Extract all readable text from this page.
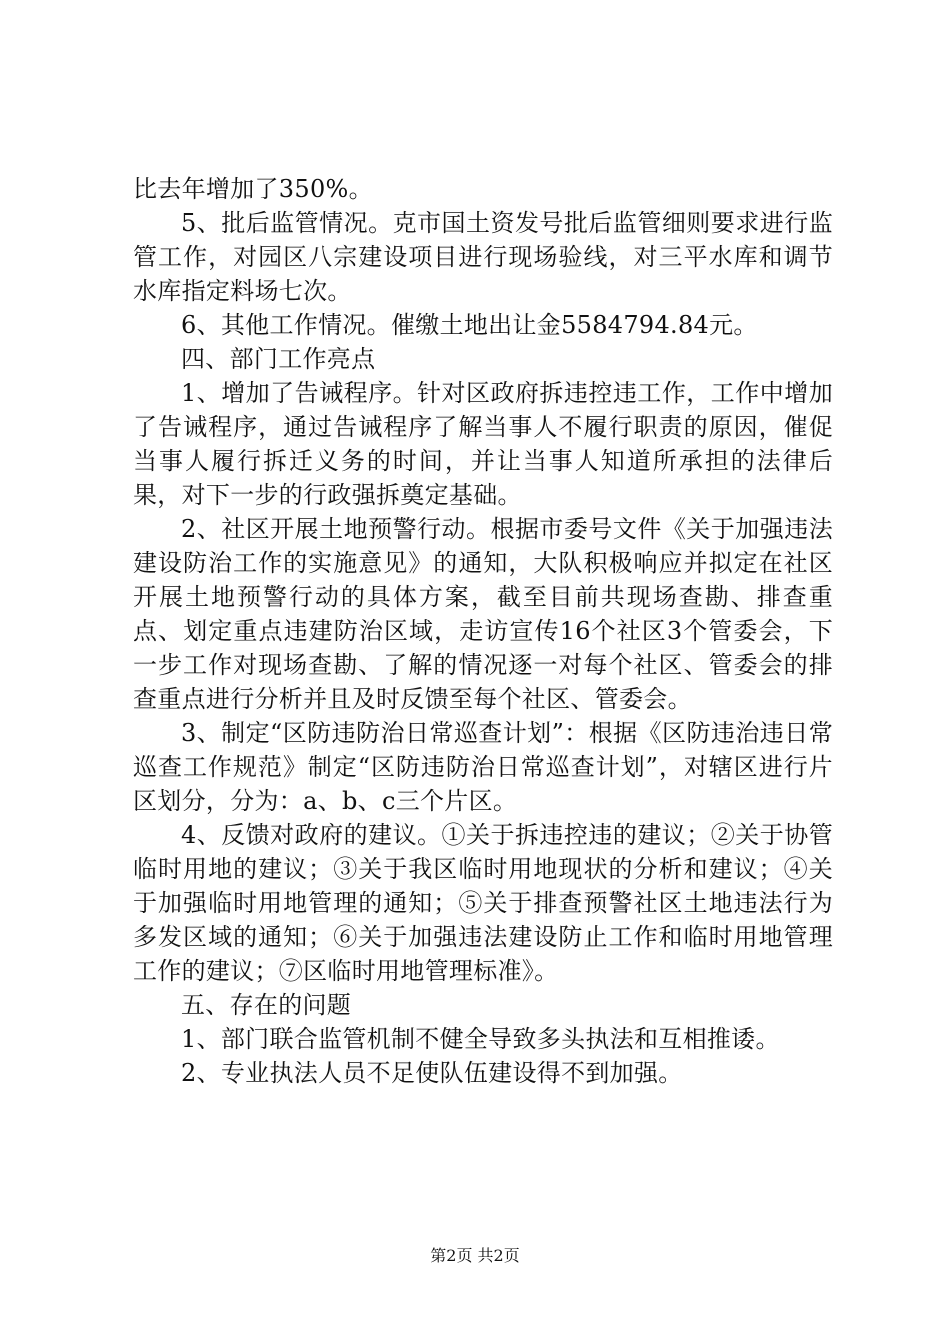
比去年增加了350%。

5、批后监管情况。克市国土资发号批后监管细则要求进行监管工作，对园区八宗建设项目进行现场验线，对三平水库和调节水库指定料场七次。

6、其他工作情况。催缴土地出让金5584794.84元。

四、部门工作亮点

1、增加了告诫程序。针对区政府拆违控违工作，工作中增加了告诫程序，通过告诫程序了解当事人不履行职责的原因，催促当事人履行拆迁义务的时间，并让当事人知道所承担的法律后果，对下一步的行政强拆奠定基础。

2、社区开展土地预警行动。根据市委号文件《关于加强违法建设防治工作的实施意见》的通知，大队积极响应并拟定在社区开展土地预警行动的具体方案，截至目前共现场查勘、排查重点、划定重点违建防治区域，走访宣传16个社区3个管委会，下一步工作对现场查勘、了解的情况逐一对每个社区、管委会的排查重点进行分析并且及时反馈至每个社区、管委会。

3、制定“区防违防治日常巡查计划”：根据《区防违治违日常巡查工作规范》制定“区防违防治日常巡查计划”，对辖区进行片区划分，分为：a、b、c三个片区。

4、反馈对政府的建议。①关于拆违控违的建议；②关于协管临时用地的建议；③关于我区临时用地现状的分析和建议；④关于加强临时用地管理的通知；⑤关于排查预警社区土地违法行为多发区域的通知；⑥关于加强违法建设防止工作和临时用地管理工作的建议；⑦区临时用地管理标准》。

五、存在的问题

1、部门联合监管机制不健全导致多头执法和互相推诿。

2、专业执法人员不足使队伍建设得不到加强。

第2页 共2页
